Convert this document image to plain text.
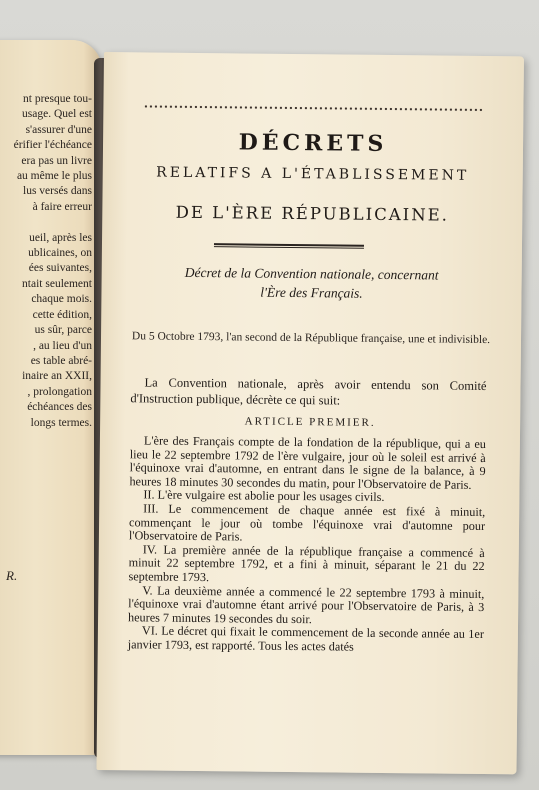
nt presque tou-
usage. Quel est
s'assurer d'une
érifier l'échéance
era pas un livre
au même le plus
lus versés dans
à faire erreur

ueil, après les
ublicaines, on
ées suivantes,
ntait seulement
chaque mois.
cette édition,
us sûr, parce
, au lieu d'un
es table abré-
inaire an XXII,
, prolongation
échéances des
longs termes.
R.
DÉCRETS
RELATIFS A L'ÉTABLISSEMENT
DE L'ÈRE RÉPUBLICAINE.
Décret de la Convention nationale, concernant
l'Ère des Français.
Du 5 Octobre 1793, l'an second de la République française, une et indivisible.
La Convention nationale, après avoir entendu son Comité d'Instruction publique, décrète ce qui suit:
ARTICLE PREMIER.

L'ère des Français compte de la fondation de la république, qui a eu lieu le 22 septembre 1792 de l'ère vulgaire, jour où le soleil est arrivé à l'équinoxe vrai d'automne, en entrant dans le signe de la balance, à 9 heures 18 minutes 30 secondes du matin, pour l'Observatoire de Paris.

II. L'ère vulgaire est abolie pour les usages civils.

III. Le commencement de chaque année est fixé à minuit, commençant le jour où tombe l'équinoxe vrai d'automne pour l'Observatoire de Paris.

IV. La première année de la république française a commencé à minuit 22 septembre 1792, et a fini à minuit, séparant le 21 du 22 septembre 1793.

V. La deuxième année a commencé le 22 septembre 1793 à minuit, l'équinoxe vrai d'automne étant arrivé pour l'Observatoire de Paris, à 3 heures 7 minutes 19 secondes du soir.

VI. Le décret qui fixait le commencement de la seconde année au 1er janvier 1793, est rapporté. Tous les actes datés
